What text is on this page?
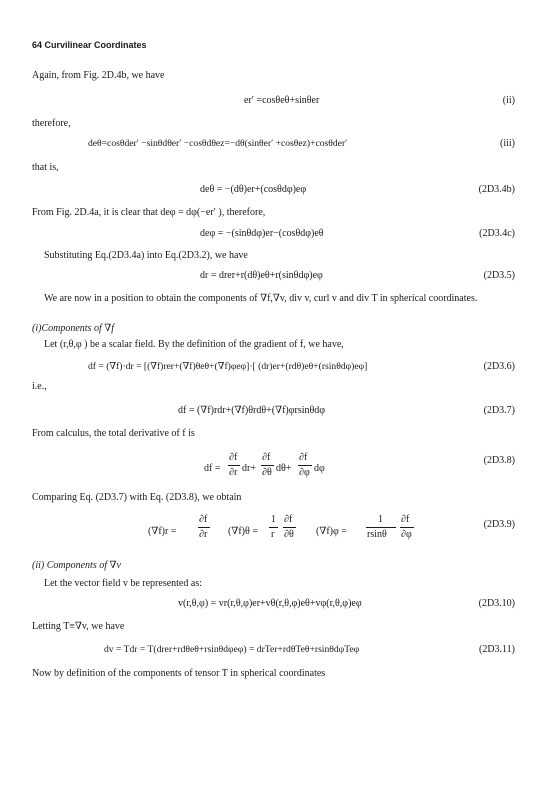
64 Curvilinear Coordinates
Again, from Fig. 2D.4b, we have
er′ =cosθeθ+sinθer	(ii)
therefore,
deθ=cosθder′ −sinθdθer′ −cosθdθez=−dθ(sinθer′ +cosθez)+cosθder′	(iii)
that is,
deθ = −(dθ)er+(cosθdφ)eφ	(2D3.4b)
From Fig. 2D.4a, it is clear that deφ = dφ(−er′ ), therefore,
deφ = −(sinθdφ)er−(cosθdφ)eθ	(2D3.4c)
Substituting Eq.(2D3.4a) into Eq.(2D3.2), we have
dr = drer+r(dθ)eθ+r(sinθdφ)eφ	(2D3.5)
We are now in a position to obtain the components of ∇f,∇v, div v, curl v and div T in spherical coordinates.
(i)Components of ∇f
Let (r,θ,φ ) be a scalar field. By the definition of the gradient of f, we have,
df = (∇f)·dr = [(∇f)rer+(∇f)θeθ+(∇f)φeφ]·[ (dr)er+(rdθ)eθ+(rsinθdφ)eφ]	(2D3.6)
i.e.,
df = (∇f)rdr+(∇f)θrdθ+(∇f)φrsinθdφ	(2D3.7)
From calculus, the total derivative of f is
df =
∂f
∂r dr+
∂f
∂θ dθ+
∂f
∂φ dφ
(2D3.8)
Comparing Eq. (2D3.7) with Eq. (2D3.8), we obtain
(∇f)r =
∂f
∂r (∇f)θ =
1
r
∂f
∂θ (∇f)φ =
1
rsinθ
∂f
∂φ
(2D3.9)
(ii) Components of ∇v
Let the vector field v be represented as:
v(r,θ,φ) = vr(r,θ,φ)er+vθ(r,θ,φ)eθ+vφ(r,θ,φ)eφ	(2D3.10)
Letting T≡∇v, we have
dv = Tdr = T(drer+rdθeθ+rsinθdφeφ) = drTer+rdθTeθ+rsinθdφTeφ	(2D3.11)
Now by definition of the components of tensor T in spherical coordinates
